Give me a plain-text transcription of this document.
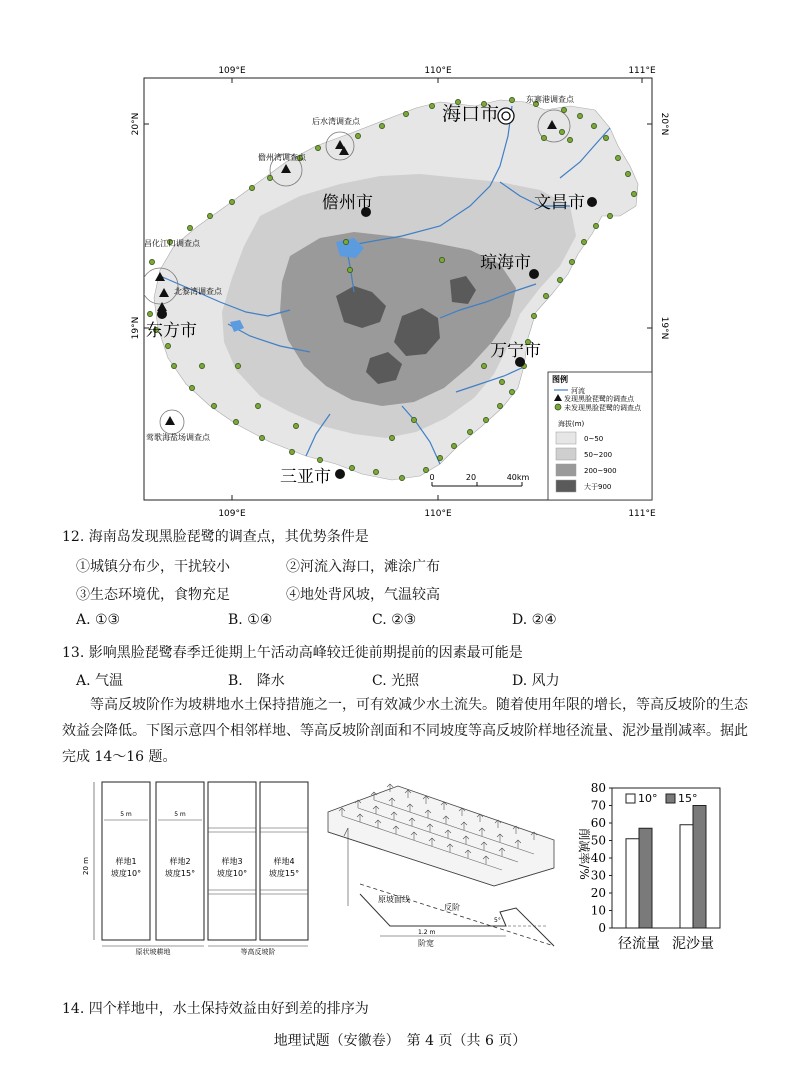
109°E	110°E	111°E
109°E	110°E	111°E
20°N
19°N
20°N
19°N
海口市
儋州市	文昌市
琼海市
东方市
万宁市
三亚市
后水湾调查点
儋州湾调查点
昌化江口调查点
北黎湾调查点
莺歌海盐场调查点
东寨港调查点
0	20	40km
图例
河流
发现黑脸琵鹭的调查点
未发现黑脸琵鹭的调查点
海拔(m)
0~50
50~200
200~900
大于900
12. 海南岛发现黑脸琵鹭的调查点，其优势条件是
①城镇分布少，干扰较小	②河流入海口，滩涂广布
③生态环境优，食物充足	④地处背风坡，气温较高
A. ①③	B. ①④	C. ②③	D. ②④
13. 影响黑脸琵鹭春季迁徙期上午活动高峰较迁徙前期提前的因素最可能是
A. 气温	B.　降水	C. 光照	D. 风力
等高反坡阶作为坡耕地水土保持措施之一，可有效减少水土流失。随着使用年限的增长，等高反坡阶的生态效益会降低。下图示意四个相邻样地、等高反坡阶剖面和不同坡度等高反坡阶样地径流量、泥沙量削减率。据此完成 14～16 题。
20 m
5 m	5 m
样地1
坡度10°
样地2
坡度15°
样地3
坡度10°
样地4
坡度15°
原状坡耕地	等高反坡阶
原坡面线
反阶
5°
1.2 m
阶宽
削减率/%
0
10
20
30
40
50
60
70
80
径流量 泥沙量
10° 15°
14. 四个样地中，水土保持效益由好到差的排序为
地理试题（安徽卷）　第 4 页（共 6 页）
